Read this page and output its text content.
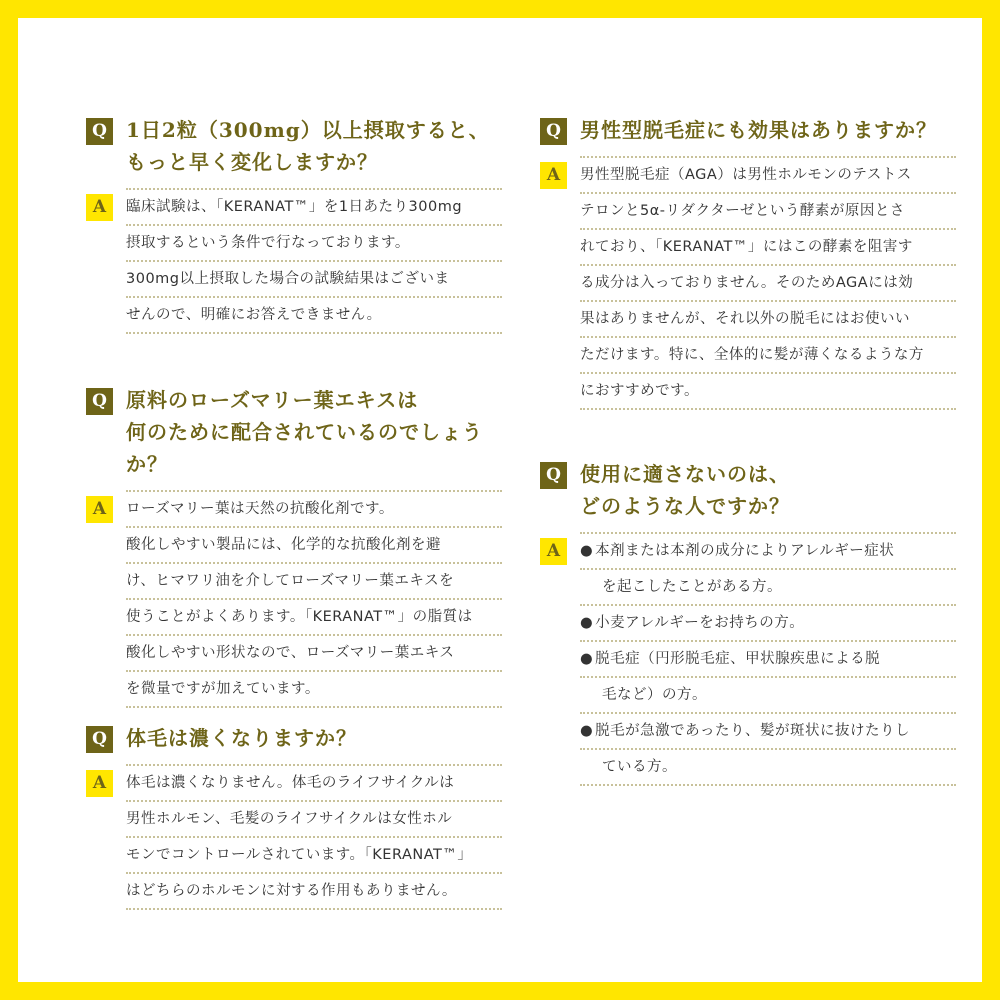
Q 1日2粒（300mg）以上摂取すると、

もっと早く変化しますか？

A	臨床試験は、「KERANAT™」を1日あたり300mg
摂取するという条件で行なっております。
300mg以上摂取した場合の試験結果はございま
せんので、明確にお答えできません。
Q 原料のローズマリー葉エキスは

何のために配合されているのでしょうか？

A	ローズマリー葉は天然の抗酸化剤です。
酸化しやすい製品には、化学的な抗酸化剤を避
け、ヒマワリ油を介してローズマリー葉エキスを
使うことがよくあります。「KERANAT™」の脂質は
酸化しやすい形状なので、ローズマリー葉エキス
を微量ですが加えています。
Q 体毛は濃くなりますか？

A	体毛は濃くなりません。体毛のライフサイクルは
男性ホルモン、毛髪のライフサイクルは女性ホル
モンでコントロールされています。「KERANAT™」
はどちらのホルモンに対する作用もありません。
Q 男性型脱毛症にも効果はありますか？

A	男性型脱毛症（AGA）は男性ホルモンのテストス
テロンと5α-リダクターゼという酵素が原因とさ
れており、「KERANAT™」にはこの酵素を阻害す
る成分は入っておりません。そのためAGAには効
果はありませんが、それ以外の脱毛にはお使いい
ただけます。特に、全体的に髪が薄くなるような方
におすすめです。
Q 使用に適さないのは、

どのような人ですか？

A	● 本剤または本剤の成分によりアレルギー症状
を起こしたことがある方。
● 小麦アレルギーをお持ちの方。
● 脱毛症（円形脱毛症、甲状腺疾患による脱
毛など）の方。
● 脱毛が急激であったり、髪が斑状に抜けたりし
ている方。
